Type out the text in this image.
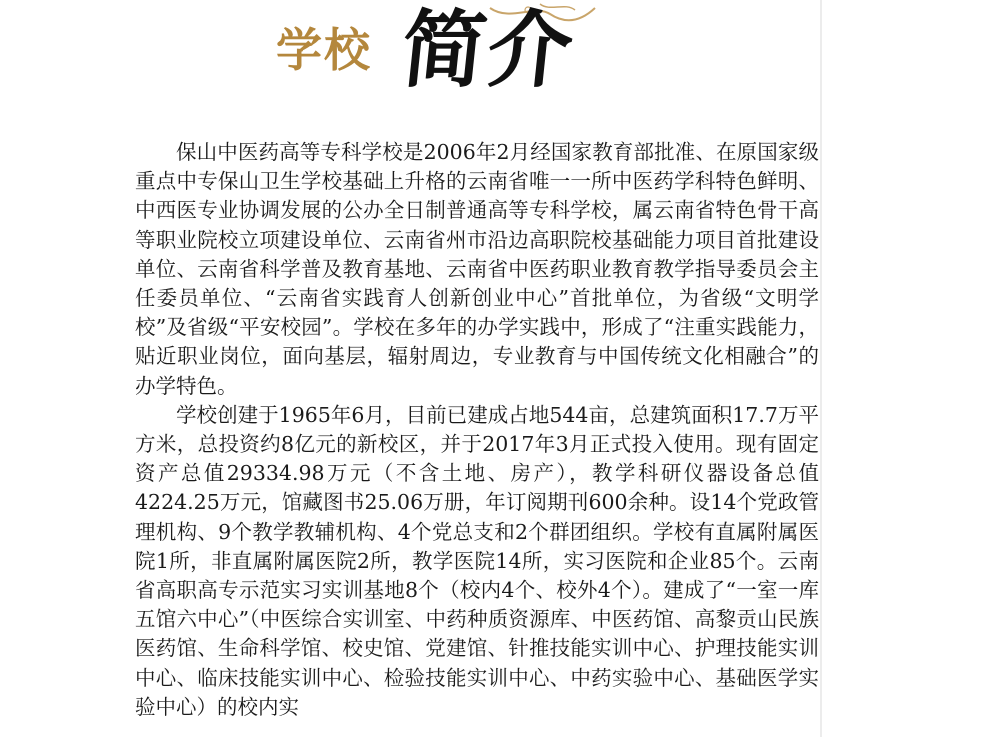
学校 简介

保山中医药高等专科学校是2006年2月经国家教育部批准、在原国家级重点中专保山卫生学校基础上升格的云南省唯一一所中医药学科特色鲜明、中西医专业协调发展的公办全日制普通高等专科学校，属云南省特色骨干高等职业院校立项建设单位、云南省州市沿边高职院校基础能力项目首批建设单位、云南省科学普及教育基地、云南省中医药职业教育教学指导委员会主任委员单位、“云南省实践育人创新创业中心”首批单位，为省级“文明学校”及省级“平安校园”。学校在多年的办学实践中，形成了“注重实践能力，贴近职业岗位，面向基层，辐射周边，专业教育与中国传统文化相融合”的办学特色。

学校创建于1965年6月，目前已建成占地544亩，总建筑面积17.7万平方米，总投资约8亿元的新校区，并于2017年3月正式投入使用。现有固定资产总值29334.98万元（不含土地、房产），教学科研仪器设备总值4224.25万元，馆藏图书25.06万册，年订阅期刊600余种。设14个党政管理机构、9个教学教辅机构、4个党总支和2个群团组织。学校有直属附属医院1所，非直属附属医院2所，教学医院14所，实习医院和企业85个。云南省高职高专示范实习实训基地8个（校内4个、校外4个）。建成了“一室一库五馆六中心”（中医综合实训室、中药种质资源库、中医药馆、高黎贡山民族医药馆、生命科学馆、校史馆、党建馆、针推技能实训中心、护理技能实训中心、临床技能实训中心、检验技能实训中心、中药实验中心、基础医学实验中心）的校内实
